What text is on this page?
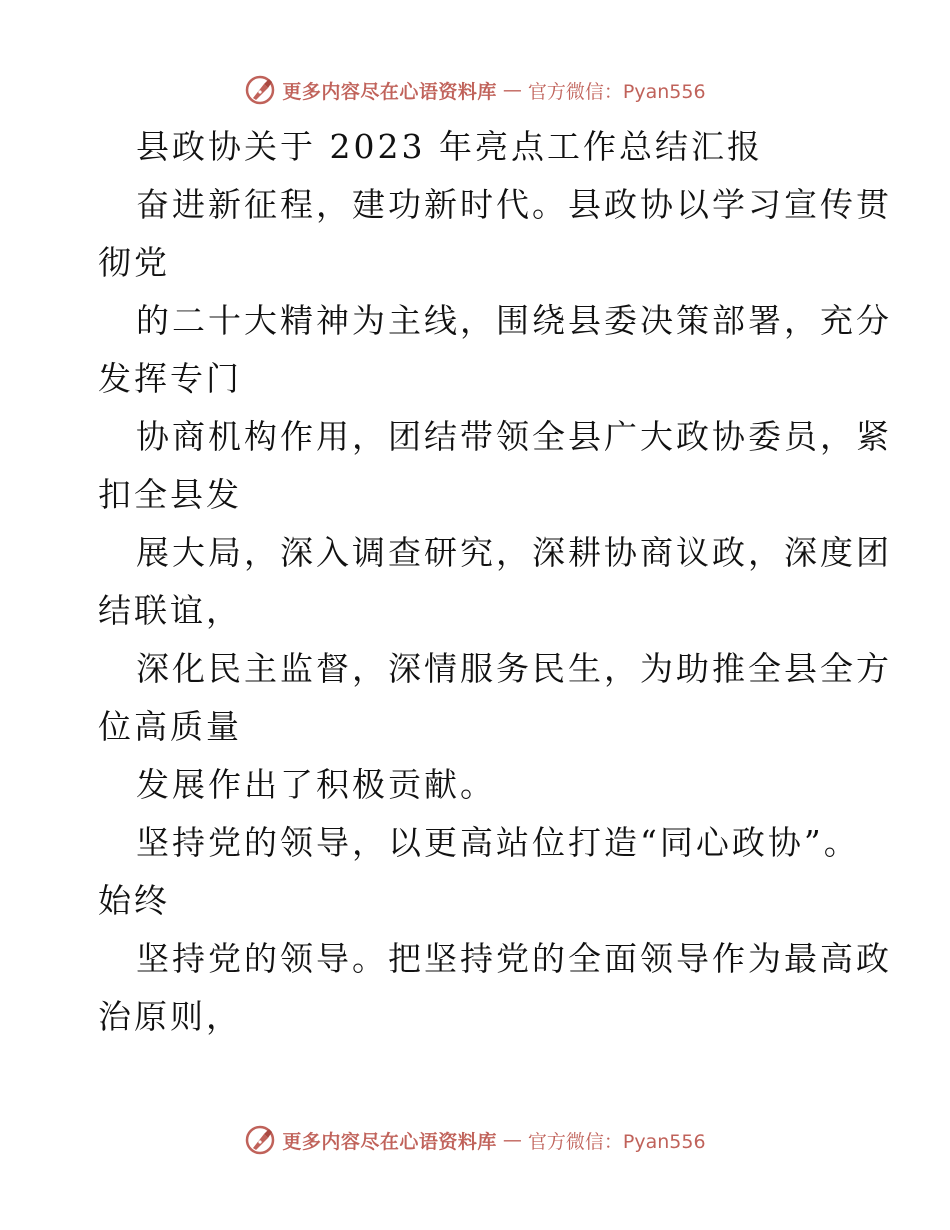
更多内容尽在心语资料库 — 官方微信：Pyan556
县政协关于 2023 年亮点工作总结汇报
奋进新征程，建功新时代。县政协以学习宣传贯
彻党
的二十大精神为主线，围绕县委决策部署，充分
发挥专门
协商机构作用，团结带领全县广大政协委员，紧
扣全县发
展大局，深入调查研究，深耕协商议政，深度团
结联谊，
深化民主监督，深情服务民生，为助推全县全方
位高质量
发展作出了积极贡献。
坚持党的领导，以更高站位打造“同心政协”。
始终
坚持党的领导。把坚持党的全面领导作为最高政
治原则，
更多内容尽在心语资料库 — 官方微信：Pyan556
